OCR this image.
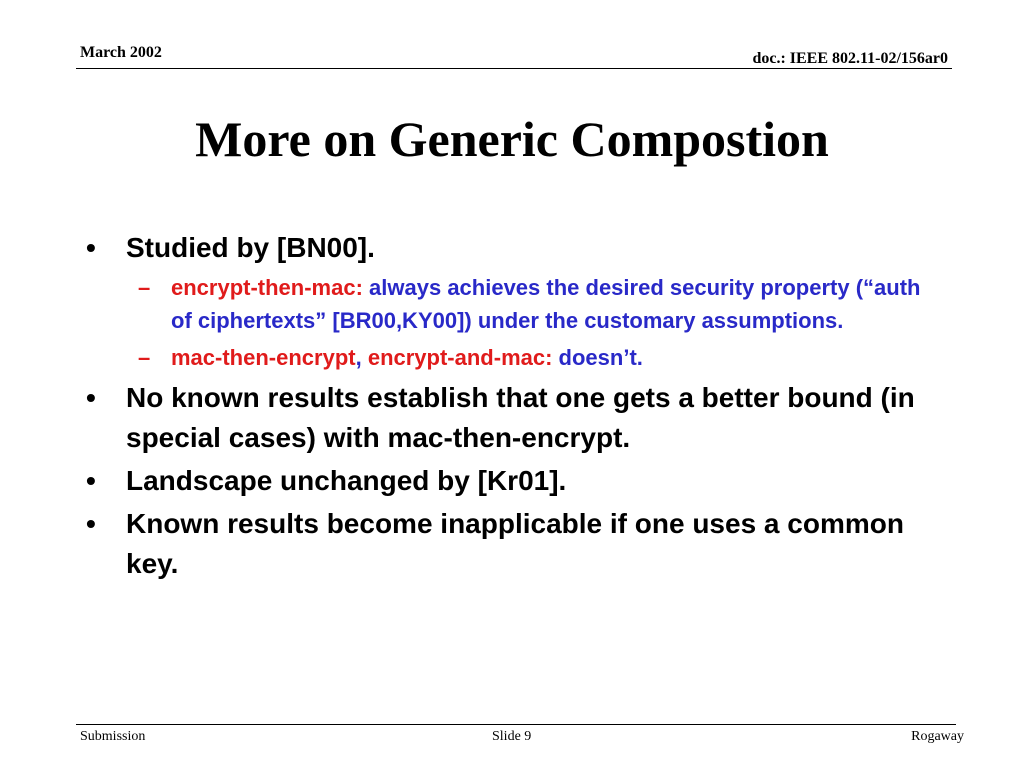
March 2002	doc.: IEEE 802.11-02/156ar0
More on Generic Compostion
• Studied by [BN00].
– encrypt-then-mac: always achieves the desired security property (“auth of ciphertexts” [BR00,KY00]) under the customary assumptions.
– mac-then-encrypt, encrypt-and-mac: doesn’t.
• No known results establish that one gets a better bound (in special cases) with mac-then-encrypt.
• Landscape unchanged by [Kr01].
• Known results become inapplicable if one uses a common key.
Submission	Slide 9	Rogaway
